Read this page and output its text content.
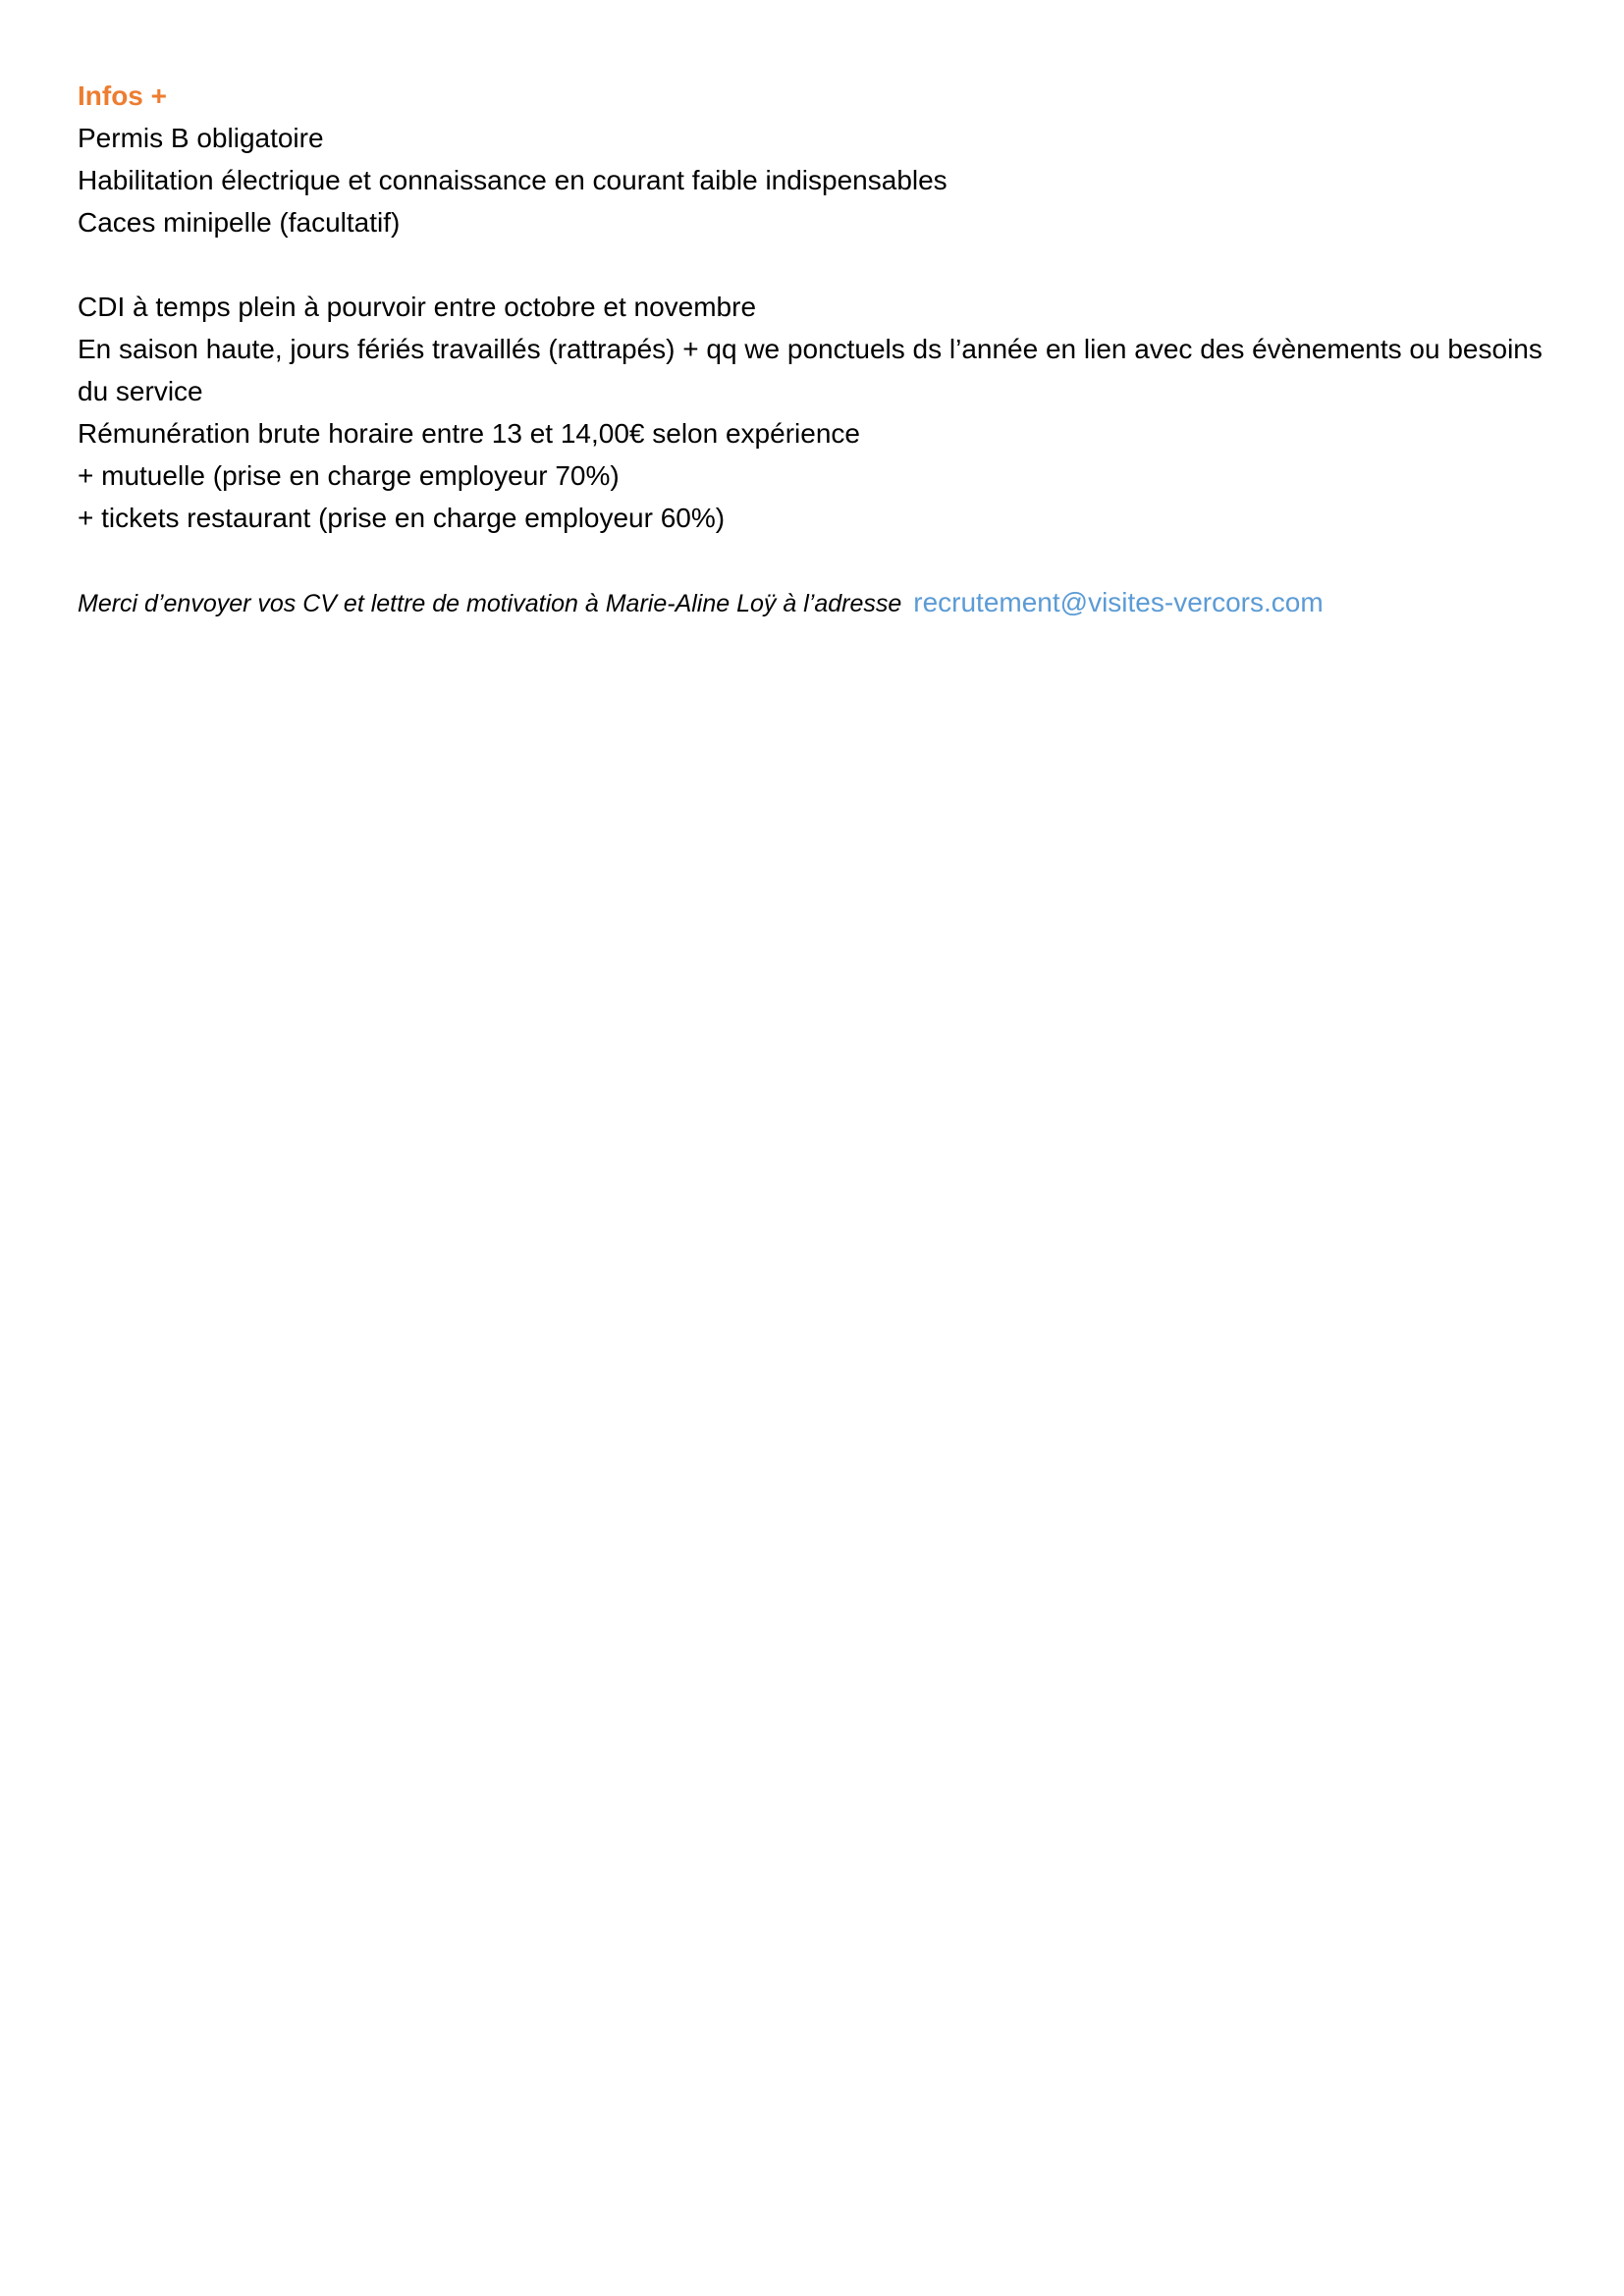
Infos +
Permis B obligatoire
Habilitation électrique et connaissance en courant faible indispensables
Caces minipelle (facultatif)
CDI à temps plein à pourvoir entre octobre et novembre
En saison haute, jours fériés travaillés (rattrapés) + qq we ponctuels ds l’année en lien avec des évènements ou besoins du service
Rémunération brute horaire entre 13 et 14,00€ selon expérience
+ mutuelle (prise en charge employeur 70%)
+ tickets restaurant (prise en charge employeur 60%)
Merci d’envoyer vos CV et lettre de motivation à Marie-Aline Loÿ à l’adresse recrutement@visites-vercors.com
